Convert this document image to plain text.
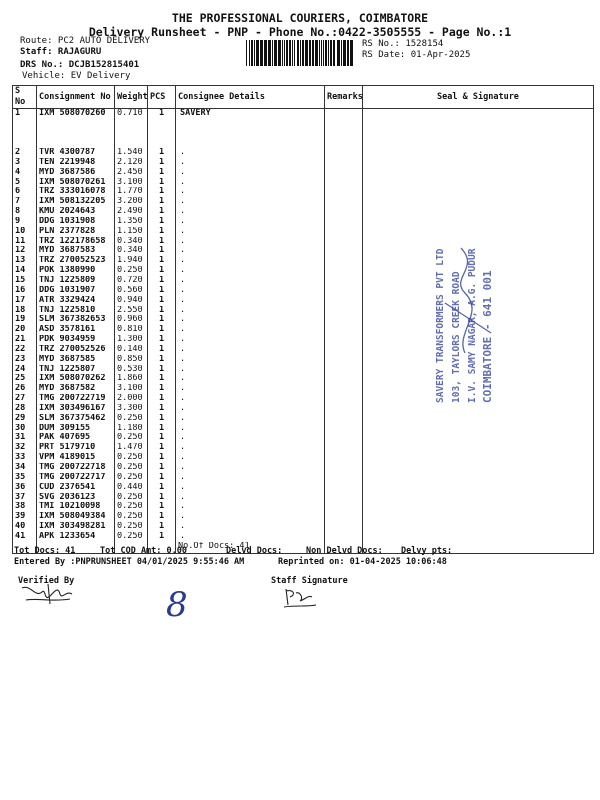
THE PROFESSIONAL COURIERS, COIMBATORE
Delivery Runsheet - PNP - Phone No.:0422-3505555 - Page No.:1
Route: PC2 AUTO DELIVERY
Staff: RAJAGURU
DRS No.: DCJB152815401
Vehicle: EV Delivery
RS No.: 1528154
RS Date: 01-Apr-2025
S No	Consignment No	Weight	PCS	Consignee Details	Remarks	Seal & Signature
1	IXM 508070260	0.710	1	SAVERY		
2	TVR 4300787	1.540	1	.		
3	TEN 2219948	2.120	1	.		
4	MYD 3687586	2.450	1	.		
5	IXM 508070261	3.100	1	.		
6	TRZ 333016078	1.770	1	.		
7	IXM 508132205	3.200	1	.		
8	KMU 2024643	2.490	1	.		
9	DDG 1031908	1.350	1	.		
10	PLN 2377828	1.150	1	.		
11	TRZ 122178658	0.340	1	.		
12	MYD 3687583	0.340	1	.		
13	TRZ 270052523	1.940	1	.		
14	POK 1380990	0.250	1	.		
15	TNJ 1225809	0.720	1	.		
16	DDG 1031907	0.560	1	.		
17	ATR 3329424	0.940	1	.		
18	TNJ 1225810	2.550	1	.		
19	SLM 367382653	0.960	1	.		
20	ASD 3578161	0.810	1	.		
21	PDK 9034959	1.300	1	.		
22	TRZ 270052526	0.140	1	.		
23	MYD 3687585	0.850	1	.		
24	TNJ 1225807	0.530	1	.		
25	IXM 508070262	1.860	1	.		
26	MYD 3687582	3.100	1	.		
27	TMG 200722719	2.000	1	.		
28	IXM 303496167	3.300	1	.		
29	SLM 367375462	0.250	1	.		
30	DUM 309155	1.180	1	.		
31	PAK 407695	0.250	1	.		
32	PRT 5179710	1.470	1	.		
33	VPM 4189015	0.250	1	.		
34	TMG 200722718	0.250	1	.		
35	TMG 200722717	0.250	1	.		
36	CUD 2376541	0.440	1	.		
37	SVG 2036123	0.250	1	.		
38	TMI 10210098	0.250	1	.		
39	IXM 508049384	0.250	1	.		
40	IXM 303498281	0.250	1	.		
41	APK 1233654	0.250	1	.		
				No.Of Docs: 41		
SAVERY TRANSFORMERS PVT LTD 103, TAYLORS CREEK ROAD I.V. SAMY NAGAR, A.G. PUDUR COIMBATORE - 641 001
Tot Docs: 41	Tot COD Amt: 0.00	Delvd Docs:	Non Delvd Docs: Delvy pts:
Entered By :PNPRUNSHEET 04/01/2025 9:55:46 AM	Reprinted on: 01-04-2025 10:06:48
Verified By	Staff Signature
8
